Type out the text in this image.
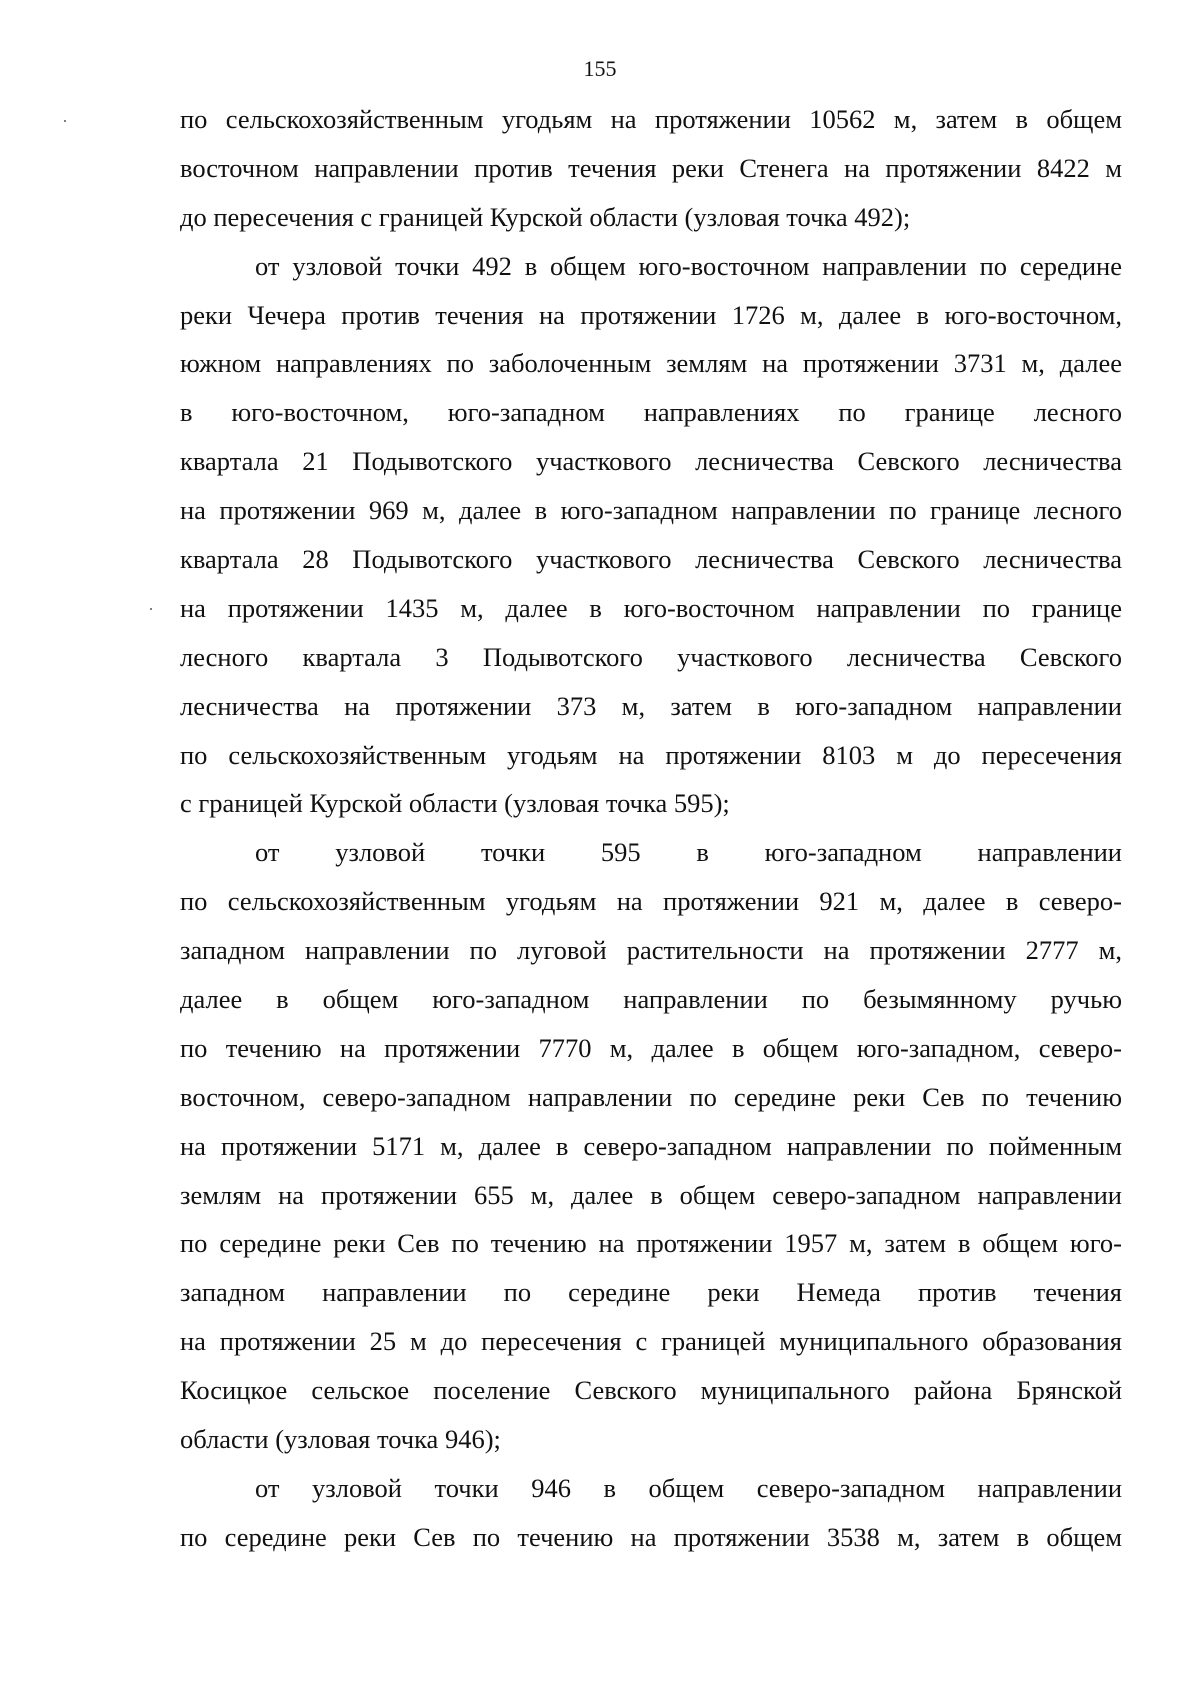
155
по сельскохозяйственным угодьям на протяжении 10562 м, затем в общем
восточном направлении против течения реки Стенега на протяжении 8422 м
до пересечения с границей Курской области (узловая точка 492);
от узловой точки 492 в общем юго-восточном направлении по середине
реки Чечера против течения на протяжении 1726 м, далее в юго-восточном,
южном направлениях по заболоченным землям на протяжении 3731 м, далее
в юго-восточном, юго-западном направлениях по границе лесного
квартала 21 Подывотского участкового лесничества Севского лесничества
на протяжении 969 м, далее в юго-западном направлении по границе лесного
квартала 28 Подывотского участкового лесничества Севского лесничества
на протяжении 1435 м, далее в юго-восточном направлении по границе
лесного квартала 3 Подывотского участкового лесничества Севского
лесничества на протяжении 373 м, затем в юго-западном направлении
по сельскохозяйственным угодьям на протяжении 8103 м до пересечения
с границей Курской области (узловая точка 595);
от узловой точки 595 в юго-западном направлении
по сельскохозяйственным угодьям на протяжении 921 м, далее в северо-
западном направлении по луговой растительности на протяжении 2777 м,
далее в общем юго-западном направлении по безымянному ручью
по течению на протяжении 7770 м, далее в общем юго-западном, северо-
восточном, северо-западном направлении по середине реки Сев по течению
на протяжении 5171 м, далее в северо-западном направлении по пойменным
землям на протяжении 655 м, далее в общем северо-западном направлении
по середине реки Сев по течению на протяжении 1957 м, затем в общем юго-
западном направлении по середине реки Немеда против течения
на протяжении 25 м до пересечения с границей муниципального образования
Косицкое сельское поселение Севского муниципального района Брянской
области (узловая точка 946);
от узловой точки 946 в общем северо-западном направлении
по середине реки Сев по течению на протяжении 3538 м, затем в общем
